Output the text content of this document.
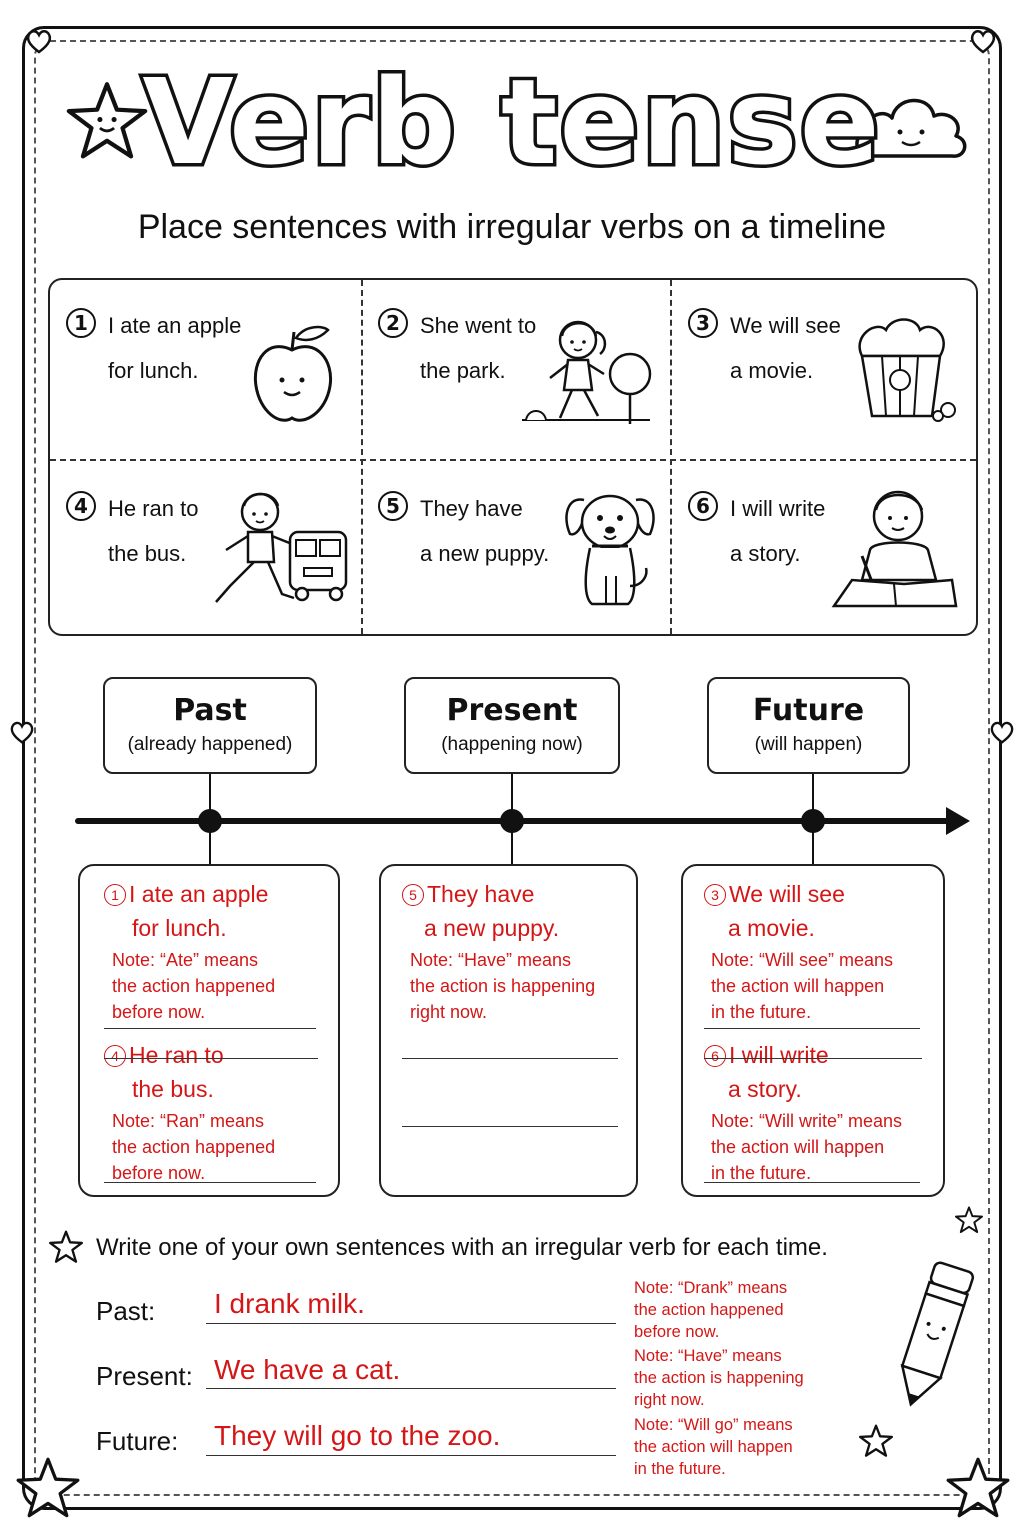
Verb tense
Place sentences with irregular verbs on a timeline
1 I ate an apple
for lunch.
2 She went to
the park.
3 We will see
a movie.
4 He ran to
the bus.
5 They have
a new puppy.
6 I will write
a story.
Past
(already happened)
Present
(happening now)
Future
(will happen)
1 I ate an apple
for lunch.
Note: “Ate” means
the action happened
before now.
4 He ran to
the bus.
Note: “Ran” means
the action happened
before now.
5 They have
a new puppy.
Note: “Have” means
the action is happening
right now.
3 We will see
a movie.
Note: “Will see” means
the action will happen
in the future.
6 I will write
a story.
Note: “Will write” means
the action will happen
in the future.
Write one of your own sentences with an irregular verb for each time.
Past: I drank milk.
Present: We have a cat.
Future: They will go to the zoo.
Note: “Drank” means
the action happened
before now.
Note: “Have” means
the action is happening
right now.
Note: “Will go” means
the action will happen
in the future.
